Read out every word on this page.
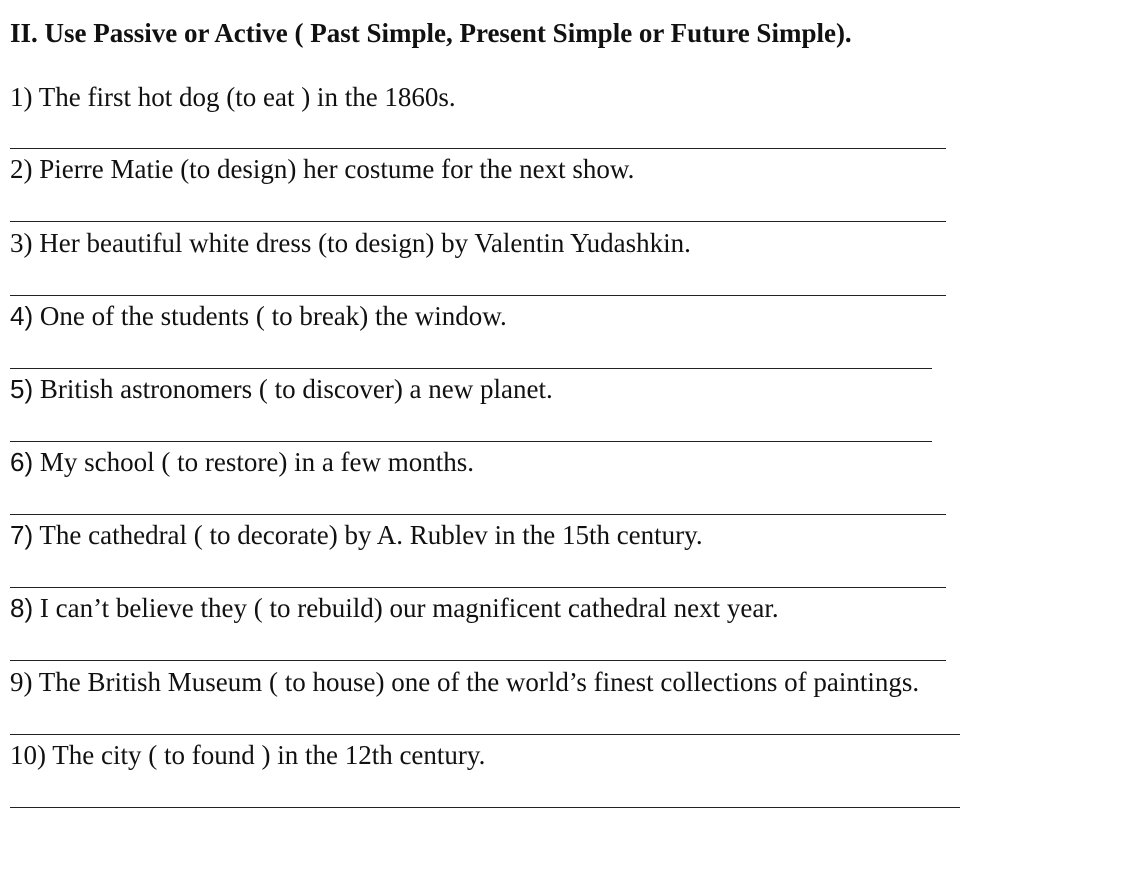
II. Use Passive or Active ( Past Simple, Present Simple or Future Simple).
1) The first hot dog (to eat ) in the 1860s.
2) Pierre Matie (to design) her costume for the next show.
3) Her beautiful white dress (to design) by Valentin Yudashkin.
4) One of the students ( to break) the window.
5) British astronomers ( to discover) a new planet.
6) My school ( to restore) in a few months.
7) The cathedral ( to decorate) by A. Rublev in the 15th century.
8) I can’t believe they ( to rebuild) our magnificent cathedral next year.
9) The British Museum ( to house) one of the world’s finest collections of paintings.
10) The city ( to found ) in the 12th century.
